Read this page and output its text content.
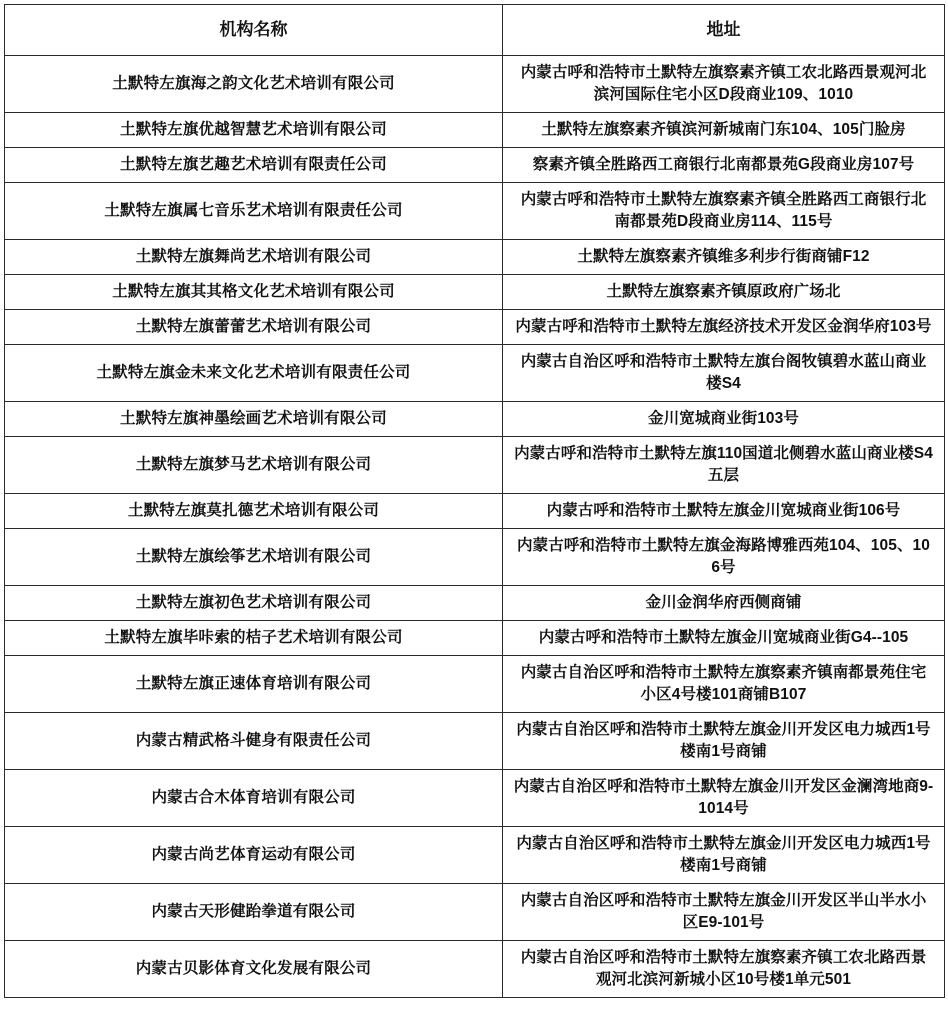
机构名称	地址
土默特左旗海之韵文化艺术培训有限公司	内蒙古呼和浩特市土默特左旗察素齐镇工农北路西景观河北滨河国际住宅小区D段商业109、1010
土默特左旗优越智慧艺术培训有限公司	土默特左旗察素齐镇滨河新城南门东104、105门脸房
土默特左旗艺趣艺术培训有限责任公司	察素齐镇全胜路西工商银行北南都景苑G段商业房107号
土默特左旗属七音乐艺术培训有限责任公司	内蒙古呼和浩特市土默特左旗察素齐镇全胜路西工商银行北南都景苑D段商业房114、115号
土默特左旗舞尚艺术培训有限公司	土默特左旗察素齐镇维多利步行街商铺F12
土默特左旗其其格文化艺术培训有限公司	土默特左旗察素齐镇原政府广场北
土默特左旗蕾蕾艺术培训有限公司	内蒙古呼和浩特市土默特左旗经济技术开发区金润华府103号
土默特左旗金未来文化艺术培训有限责任公司	内蒙古自治区呼和浩特市土默特左旗台阁牧镇碧水蓝山商业楼S4
土默特左旗神墨绘画艺术培训有限公司	金川宽城商业街103号
土默特左旗梦马艺术培训有限公司	内蒙古呼和浩特市土默特左旗110国道北侧碧水蓝山商业楼S4五层
土默特左旗莫扎德艺术培训有限公司	内蒙古呼和浩特市土默特左旗金川宽城商业街106号
土默特左旗绘筝艺术培训有限公司	内蒙古呼和浩特市土默特左旗金海路博雅西苑104、105、106号
土默特左旗初色艺术培训有限公司	金川金润华府西侧商铺
土默特左旗毕咔索的桔子艺术培训有限公司	内蒙古呼和浩特市土默特左旗金川宽城商业街G4--105
土默特左旗正速体育培训有限公司	内蒙古自治区呼和浩特市土默特左旗察素齐镇南都景苑住宅小区4号楼101商铺B107
内蒙古精武格斗健身有限责任公司	内蒙古自治区呼和浩特市土默特左旗金川开发区电力城西1号楼南1号商铺
内蒙古合木体育培训有限公司	内蒙古自治区呼和浩特市土默特左旗金川开发区金澜湾地商9-1014号
内蒙古尚艺体育运动有限公司	内蒙古自治区呼和浩特市土默特左旗金川开发区电力城西1号楼南1号商铺
内蒙古天形健跆拳道有限公司	内蒙古自治区呼和浩特市土默特左旗金川开发区半山半水小区E9-101号
内蒙古贝影体育文化发展有限公司	内蒙古自治区呼和浩特市土默特左旗察素齐镇工农北路西景观河北滨河新城小区10号楼1单元501
